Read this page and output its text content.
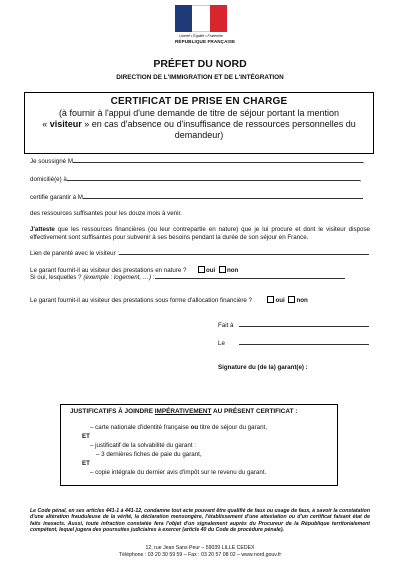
Liberté • Égalité • Fraternité
RÉPUBLIQUE FRANÇAISE
PRÉFET DU NORD
DIRECTION DE L'IMMIGRATION ET DE L'INTÉGRATION
CERTIFICAT DE PRISE EN CHARGE
(à fournir à l'appui d'une demande de titre de séjour portant la mention
« visiteur » en cas d'absence ou d'insuffisance de ressources personnelles du
demandeur)
Je soussigné M	,
domicilié(e) à	,
certifie garantir à M
des ressources suffisantes pour les douze mois à venir.
J'atteste que les ressources financières (ou leur contrepartie en nature) que je lui procure et dont le visiteur dispose effectivement sont suffisantes pour subvenir à ses besoins pendant la durée de son séjour en France.
Lien de parenté avec le visiteur :
Le garant fournit-il au visiteur des prestations en nature ?	oui non
Si oui, lesquelles ? (exemple : logement, …) :
Le garant fournit-il au visiteur des prestations sous forme d'allocation financière ?	oui non
Fait à
Le
Signature du (de la) garant(e) :
JUSTIFICATIFS À JOINDRE IMPÉRATIVEMENT AU PRÉSENT CERTIFICAT :
– carte nationale d'identité française ou titre de séjour du garant,
ET
– justificatif de la solvabilité du garant :
– 3 dernières fiches de paie du garant,
ET
– copie intégrale du dernier avis d'impôt sur le revenu du garant.
Le Code pénal, en ses articles 441-1 à 441-12, condamne tout acte pouvant être qualifié de faux ou usage de faux, à savoir la constatation d'une altération frauduleuse de la vérité, la déclaration mensongère, l'établissement d'une attestation ou d'un certificat faisant état de faits inexacts. Aussi, toute infraction constatée fera l'objet d'un signalement auprès du Procureur de la République territorialement compétent, lequel jugera des poursuites judiciaires à exercer (article 40 du Code de procédure pénale).
12, rue Jean Sans Peur – 59039 LILLE CEDEX
Téléphone : 03 20 30 59 59 – Fax : 03 20 57 08 02 – www.nord.gouv.fr
